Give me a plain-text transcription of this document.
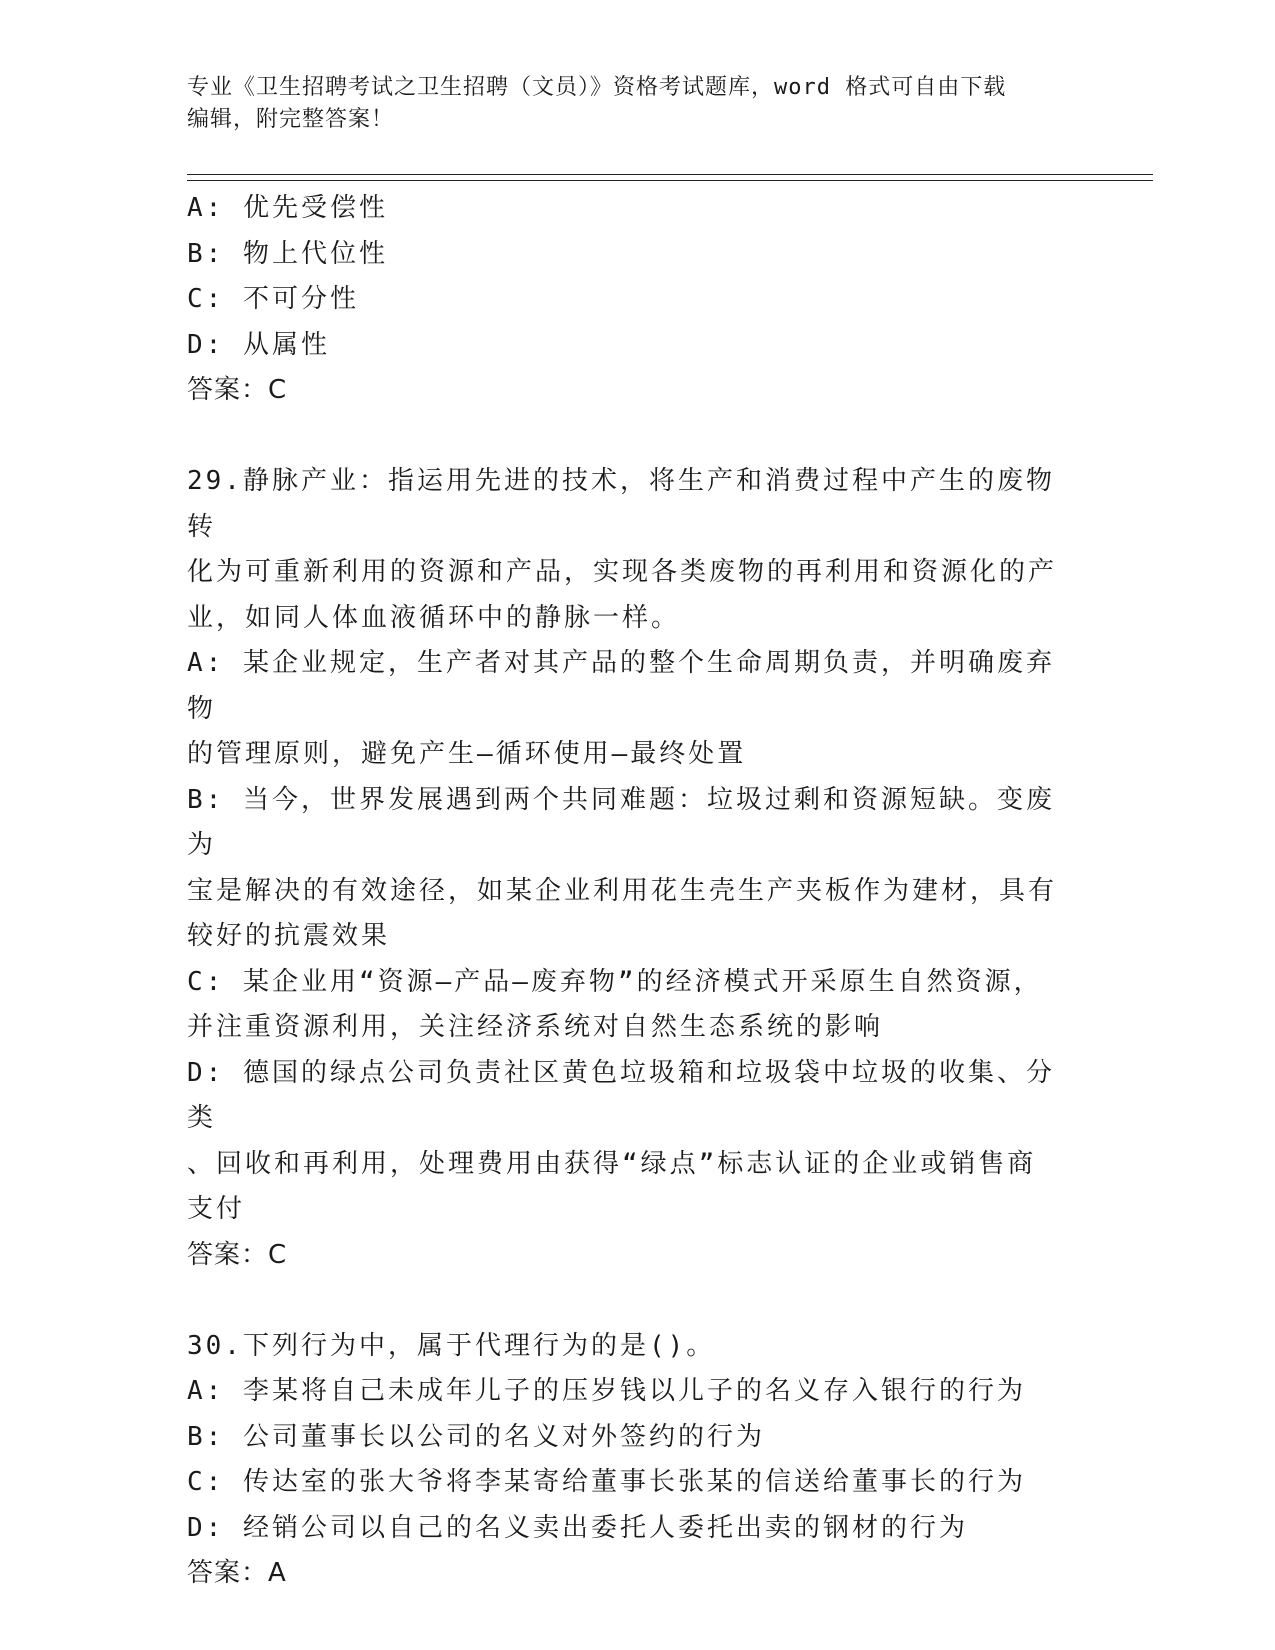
专业《卫生招聘考试之卫生招聘（文员）》资格考试题库，word 格式可自由下载
编辑，附完整答案！
A: 优先受偿性
B: 物上代位性
C: 不可分性
D: 从属性
答案：C
29.静脉产业：指运用先进的技术，将生产和消费过程中产生的废物转
化为可重新利用的资源和产品，实现各类废物的再利用和资源化的产
业，如同人体血液循环中的静脉一样。
A: 某企业规定，生产者对其产品的整个生命周期负责，并明确废弃物
的管理原则，避免产生—循环使用—最终处置
B: 当今，世界发展遇到两个共同难题：垃圾过剩和资源短缺。变废为
宝是解决的有效途径，如某企业利用花生壳生产夹板作为建材，具有
较好的抗震效果
C: 某企业用“资源—产品—废弃物”的经济模式开采原生自然资源，
并注重资源利用，关注经济系统对自然生态系统的影响
D: 德国的绿点公司负责社区黄色垃圾箱和垃圾袋中垃圾的收集、分类
、回收和再利用，处理费用由获得“绿点”标志认证的企业或销售商
支付
答案：C
30.下列行为中，属于代理行为的是()。
A: 李某将自己未成年儿子的压岁钱以儿子的名义存入银行的行为
B: 公司董事长以公司的名义对外签约的行为
C: 传达室的张大爷将李某寄给董事长张某的信送给董事长的行为
D: 经销公司以自己的名义卖出委托人委托出卖的钢材的行为
答案：A
